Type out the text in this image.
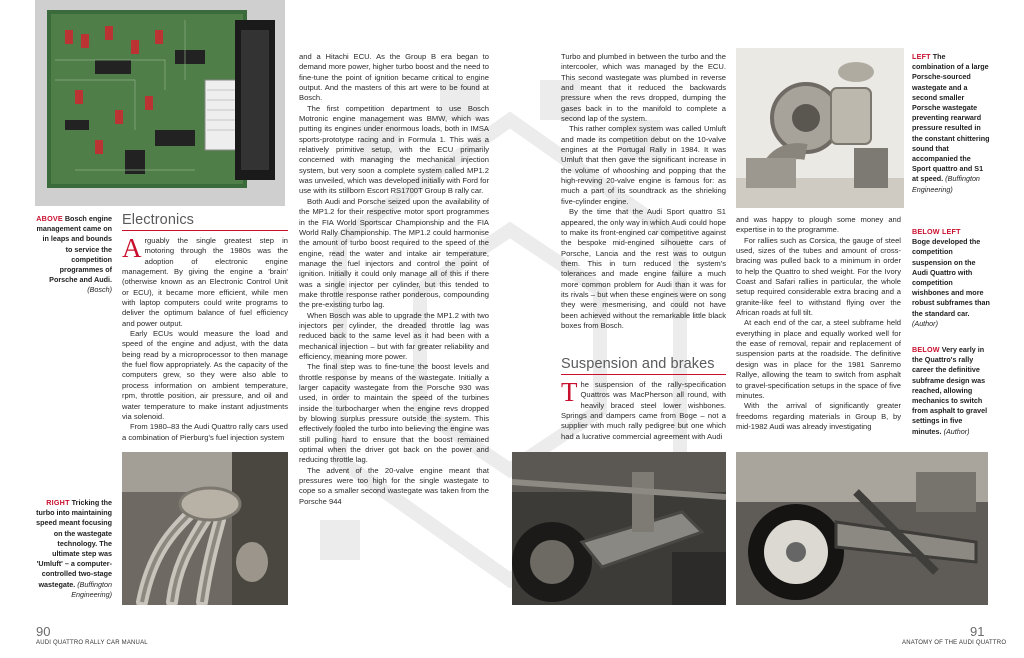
ABOVE Bosch engine management came on in leaps and bounds to service the competition programmes of Porsche and Audi. (Bosch)
Electronics

Arguably the single greatest step in motoring through the 1980s was the adoption of electronic engine management. By giving the engine a 'brain' (otherwise known as an Electronic Control Unit or ECU), it became more efficient, while men with laptop computers could write programs to deliver the optimum balance of fuel efficiency and power output.

Early ECUs would measure the load and speed of the engine and adjust, with the data being read by a microprocessor to then manage the fuel flow appropriately. As the capacity of the computers grew, so they were also able to process information on ambient temperature, rpm, throttle position, air pressure, and oil and water temperature to make instant adjustments via solenoid.

From 1980–83 the Audi Quattro rally cars used a combination of Pierburg's fuel injection system

RIGHT Tricking the turbo into maintaining speed meant focusing on the wastegate technology. The ultimate step was 'Umluft' – a computer-controlled two-stage wastegate. (Buffington Engineering)

and a Hitachi ECU. As the Group B era began to demand more power, higher turbo boost and the need to fine-tune the point of ignition became critical to engine output. And the masters of this art were to be found at Bosch.

The first competition department to use Bosch Motronic engine management was BMW, which was putting its engines under enormous loads, both in IMSA sports-prototype racing and in Formula 1. This was a relatively primitive setup, with the ECU primarily concerned with managing the mechanical injection system, but very soon a complete system called MP1.2 was unveiled, which was developed initially with Ford for use with its stillborn Escort RS1700T Group B rally car.

Both Audi and Porsche seized upon the availability of the MP1.2 for their respective motor sport programmes in the FIA World Sportscar Championship and the FIA World Rally Championship. The MP1.2 could harmonise the amount of turbo boost required to the speed of the engine, read the water and intake air temperature, manage the fuel injectors and control the point of ignition. Initially it could only manage all of this if there was a single injector per cylinder, but this tended to make throttle response rather ponderous, compounding the pre-existing turbo lag.

When Bosch was able to upgrade the MP1.2 with two injectors per cylinder, the dreaded throttle lag was reduced back to the same level as it had been with a mechanical injection – but with far greater reliability and efficiency, meaning more power.

The final step was to fine-tune the boost levels and throttle response by means of the wastegate. Initially a larger capacity wastegate from the Porsche 930 was used, in order to maintain the speed of the turbines inside the turbocharger when the engine revs dropped by blowing surplus pressure outside the system. This effectively fooled the turbo into believing the engine was still pulling hard to ensure that the boost remained optimal when the driver got back on the power and reducing throttle lag.

The advent of the 20-valve engine meant that pressures were too high for the single wastegate to cope so a smaller second wastegate was taken from the Porsche 944

90
AUDI QUATTRO RALLY CAR MANUAL

Turbo and plumbed in between the turbo and the intercooler, which was managed by the ECU. This second wastegate was plumbed in reverse and meant that it reduced the backwards pressure when the revs dropped, dumping the gases back in to the manifold to complete a second lap of the system.

This rather complex system was called Umluft and made its competition debut on the 10-valve engines at the Portugal Rally in 1984. It was Umluft that then gave the significant increase in the volume of whooshing and popping that the high-revving 20-valve engine is famous for: as much a part of its soundtrack as the shrieking five-cylinder engine.

By the time that the Audi Sport quattro S1 appeared, the only way in which Audi could hope to make its front-engined car competitive against the bespoke mid-engined silhouette cars of Porsche, Lancia and the rest was to outgun them. This in turn reduced the system's tolerances and made engine failure a much more common problem for Audi than it was for its rivals – but when these engines were on song they were mesmerising, and could not have been achieved without the remarkable little black boxes from Bosch.

Suspension and brakes

The suspension of the rally-specification Quattros was MacPherson all round, with heavily braced steel lower wishbones. Springs and dampers came from Boge – not a supplier with much rally pedigree but one which had a lucrative commercial agreement with Audi

LEFT The combination of a large Porsche-sourced wastegate and a second smaller Porsche wastegate preventing rearward pressure resulted in the constant chittering sound that accompanied the Sport quattro and S1 at speed. (Buffington Engineering)

and was happy to plough some money and expertise in to the programme.

For rallies such as Corsica, the gauge of steel used, sizes of the tubes and amount of cross-bracing was pulled back to a minimum in order to help the Quattro to shed weight. For the Ivory Coast and Safari rallies in particular, the whole setup required considerable extra bracing and a granite-like feel to withstand flying over the African roads at full tilt.

At each end of the car, a steel subframe held everything in place and equally worked well for the ease of removal, repair and replacement of suspension parts at the roadside. The definitive design was in place for the 1981 Sanremo Rallye, allowing the team to switch from asphalt to gravel-specification setups in the space of five minutes.

With the arrival of significantly greater freedoms regarding materials in Group B, by mid-1982 Audi was already investigating

BELOW LEFT
Boge developed the competition suspension on the Audi Quattro with competition wishbones and more robust subframes than the standard car. (Author)
BELOW Very early in the Quattro's rally career the definitive subframe design was reached, allowing mechanics to switch from asphalt to gravel settings in five minutes. (Author)
91
ANATOMY OF THE AUDI QUATTRO
